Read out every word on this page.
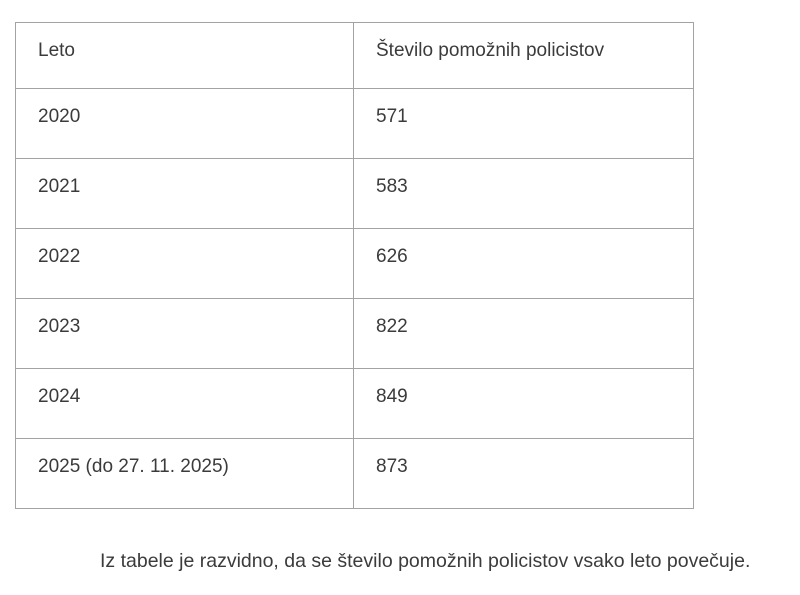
Leto	Število pomožnih policistov
2020	571
2021	583
2022	626
2023	822
2024	849
2025 (do 27. 11. 2025)	873

Iz tabele je razvidno, da se število pomožnih policistov vsako leto povečuje.
